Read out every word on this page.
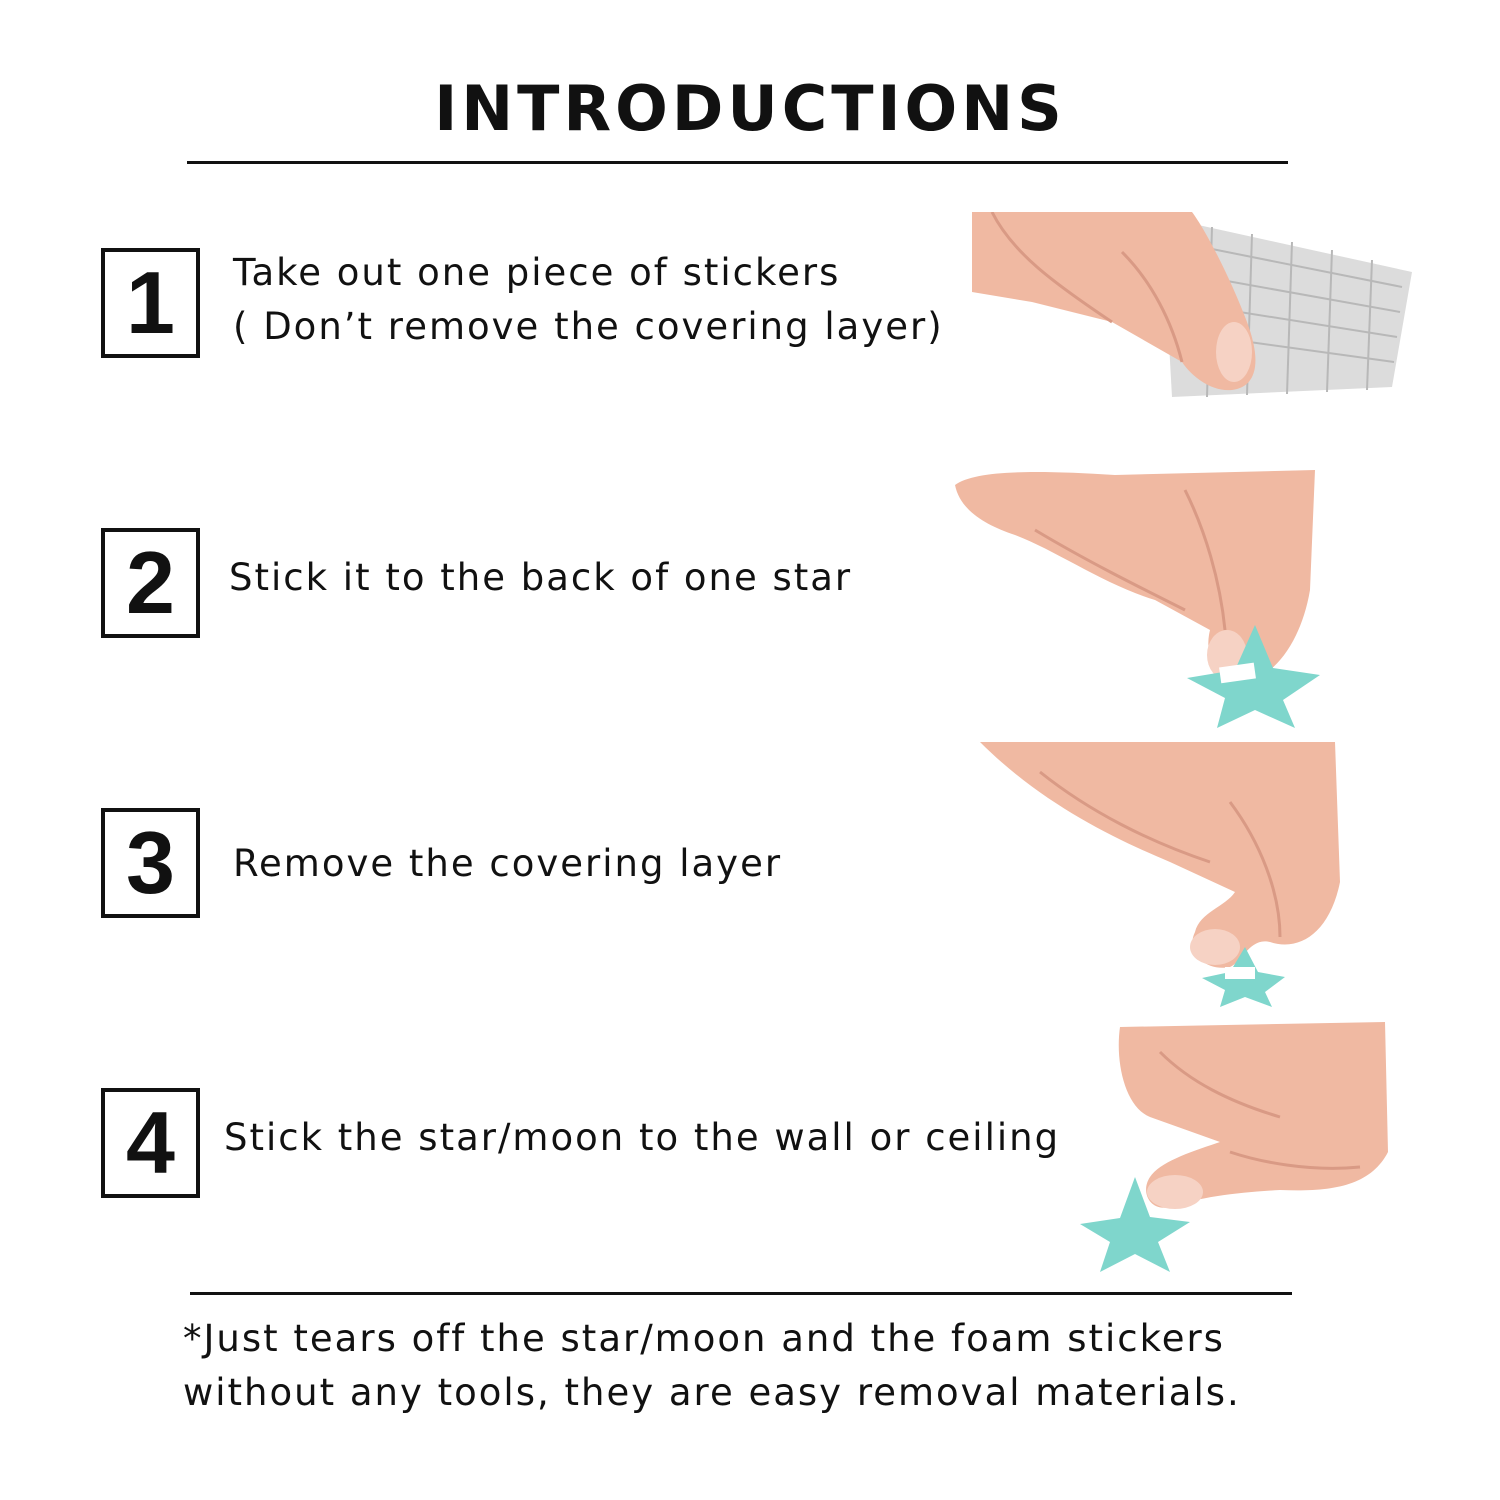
INTRODUCTIONS
1 Take out one piece of stickers
( Don’t remove the covering layer)
2 Stick it to the back of one star
3 Remove the covering layer
4 Stick the star/moon to the wall or ceiling
*Just tears off the star/moon and the foam stickers
without any tools, they are easy removal materials.
